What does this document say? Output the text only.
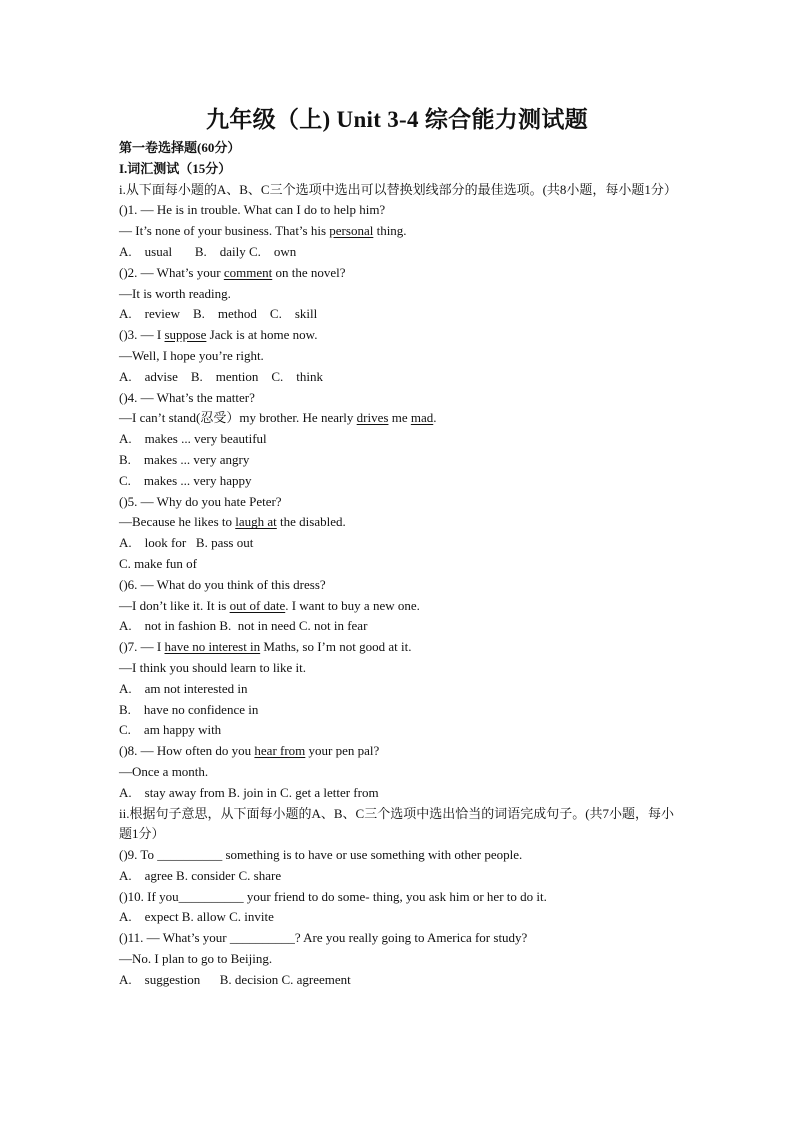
九年级（上) Unit 3-4 综合能力测试题
第一卷选择题(60分）
I.词汇测试（15分）
i.从下面每小题的A、B、C三个选项中选出可以替换划线部分的最佳选项。(共8小题，每小题1分）
()1. — He is in trouble. What can I do to help him?
— It’s none of your business. That’s his personal thing.
A.    usual       B.    daily C.    own
()2. — What’s your comment on the novel?
—It is worth reading.
A.    review    B.    method    C.    skill
()3. — I suppose Jack is at home now.
—Well, I hope you’re right.
A.    advise    B.    mention    C.    think
()4. — What’s the matter?
—I can’t stand(忍受）my brother. He nearly drives me mad.
A.    makes ... very beautiful
B.    makes ... very angry
C.    makes ... very happy
()5. — Why do you hate Peter?
—Because he likes to laugh at the disabled.
A.    look for   B. pass out
C. make fun of
()6. — What do you think of this dress?
—I don’t like it. It is out of date. I want to buy a new one.
A.    not in fashion B.  not in need C. not in fear
()7. — I have no interest in Maths, so I’m not good at it.
—I think you should learn to like it.
A.    am not interested in
B.    have no confidence in
C.    am happy with
()8. — How often do you hear from your pen pal?
—Once a month.
A.    stay away from B. join in C. get a letter from
ii.根据句子意思，从下面每小题的A、B、C三个选项中选出恰当的词语完成句子。(共7小题，每小题1分）
()9. To __________ something is to have or use something with other people.
A.    agree B. consider C. share
()10. If you__________ your friend to do some- thing, you ask him or her to do it.
A.    expect B. allow C. invite
()11. — What’s your __________? Are you really going to America for study?
—No. I plan to go to Beijing.
A.    suggestion      B. decision C. agreement
